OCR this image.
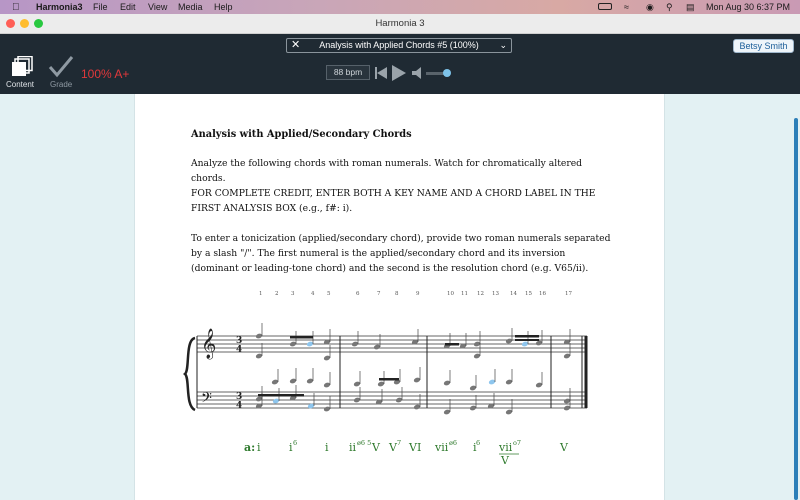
Harmonia3 File Edit View Media Help	≈ ◉ ⚲ ▤ Mon Aug 30 6:37 PM
Harmonia 3
✕ Analysis with Applied Chords #5 (100%) ⌄	Betsy Smith
Content Grade
100% A+	88 bpm
Analysis with Applied/Secondary Chords
Analyze the following chords with roman numerals. Watch for chromatically altered chords.
FOR COMPLETE CREDIT, ENTER BOTH A KEY NAME AND A CHORD LABEL IN THE FIRST ANALYSIS BOX (e.g., f#: i).
To enter a tonicization (applied/secondary chord), provide two roman numerals separated by a slash "/". The first numeral is the applied/secondary chord and its inversion (dominant or leading-tone chord) and the second is the resolution chord (e.g. V65/ii).
1 2 3	4 5	6	7	8	9	10 11 12 13 14 15 16	17
𝄞
𝄢
3
4
3
4
a: i	i 6	i ii ø6 5 V V 7 VI vii ø6 i 6 vii o7
V
V
